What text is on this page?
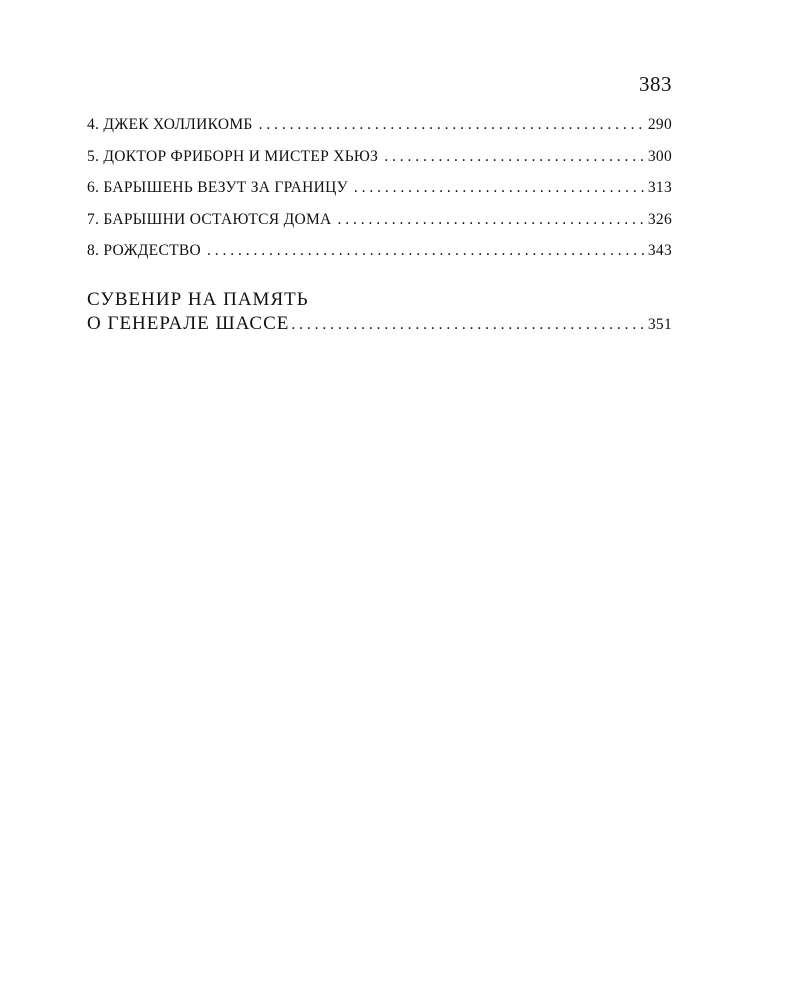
383
4. ДЖЕК ХОЛЛИКОМБ . . .	290
5. ДОКТОР ФРИБОРН И МИСТЕР ХЬЮЗ . . .	300
6. БАРЫШЕНЬ ВЕЗУТ ЗА ГРАНИЦУ . . .	313
7. БАРЫШНИ ОСТАЮТСЯ ДОМА . . .	326
8. РОЖДЕСТВО . . .	343
СУВЕНИР НА ПАМЯТЬ
О ГЕНЕРАЛЕ ШАССЕ . . .	351
